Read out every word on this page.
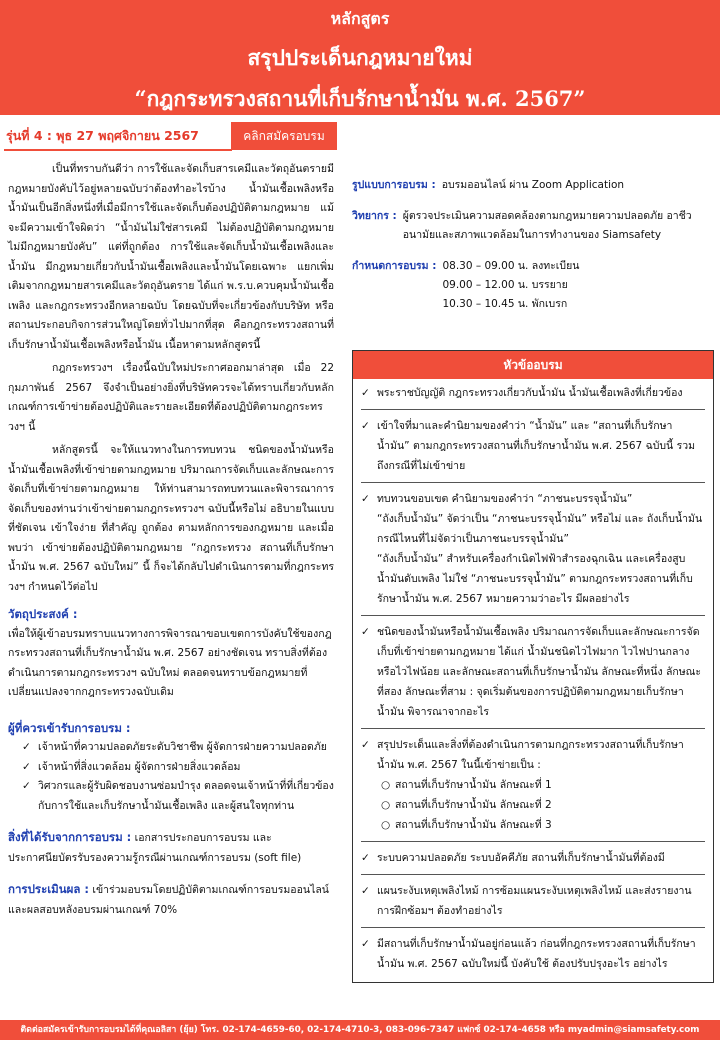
หลักสูตร
สรุปประเด็นกฎหมายใหม่
“กฎกระทรวงสถานที่เก็บรักษาน้ำมัน พ.ศ. 2567”
รุ่นที่ 4 : พุธ 27 พฤศจิกายน 2567	คลิกสมัครอบรม

เป็นที่ทราบกันดีว่า การใช้และจัดเก็บสารเคมีและวัตถุอันตรายมีกฎหมายบังคับไว้อยู่หลายฉบับว่าต้องทำอะไรบ้าง น้ำมันเชื้อเพลิงหรือน้ำมันเป็นอีกสิ่งหนึ่งที่เมื่อมีการใช้และจัดเก็บต้องปฏิบัติตามกฎหมาย แม้จะมีความเข้าใจผิดว่า “น้ำมันไม่ใช่สารเคมี ไม่ต้องปฏิบัติตามกฎหมายไม่มีกฎหมายบังคับ” แต่ที่ถูกต้อง การใช้และจัดเก็บน้ำมันเชื้อเพลิงและน้ำมัน มีกฎหมายเกี่ยวกับน้ำมันเชื้อเพลิงและน้ำมันโดยเฉพาะ แยกเพิ่มเติมจากกฎหมายสารเคมีและวัตถุอันตราย ได้แก่ พ.ร.บ.ควบคุมน้ำมันเชื้อเพลิง และกฎกระทรวงอีกหลายฉบับ โดยฉบับที่จะเกี่ยวข้องกับบริษัท หรือสถานประกอบกิจการส่วนใหญ่โดยทั่วไปมากที่สุด คือกฎกระทรวงสถานที่เก็บรักษาน้ำมันเชื้อเพลิงหรือน้ำมัน เนื้อหาตามหลักสูตรนี้

กฎกระทรวงฯ เรื่องนี้ฉบับใหม่ประกาศออกมาล่าสุด เมื่อ 22 กุมภาพันธ์ 2567 จึงจำเป็นอย่างยิ่งที่บริษัทควรจะได้ทราบเกี่ยวกับหลักเกณฑ์การเข้าข่ายต้องปฏิบัติและรายละเอียดที่ต้องปฏิบัติตามกฎกระทรวงฯ นี้

หลักสูตรนี้ จะให้แนวทางในการทบทวน ชนิดของน้ำมันหรือน้ำมันเชื้อเพลิงที่เข้าข่ายตามกฎหมาย ปริมาณการจัดเก็บและลักษณะการจัดเก็บที่เข้าข่ายตามกฎหมาย ให้ท่านสามารถทบทวนและพิจารณาการจัดเก็บของท่านว่าเข้าข่ายตามกฎกระทรวงฯ ฉบับนี้หรือไม่ อธิบายในแบบที่ชัดเจน เข้าใจง่าย ที่สำคัญ ถูกต้อง ตามหลักการของกฎหมาย และเมื่อพบว่า เข้าข่ายต้องปฏิบัติตามกฎหมาย “กฎกระทรวง สถานที่เก็บรักษาน้ำมัน พ.ศ. 2567 ฉบับใหม่” นี้ ก็จะได้กลับไปดำเนินการตามที่กฎกระทรวงฯ กำหนดไว้ต่อไป

วัตถุประสงค์ :
เพื่อให้ผู้เข้าอบรมทราบแนวทางการพิจารณาขอบเขตการบังคับใช้ของกฎกระทรวงสถานที่เก็บรักษาน้ำมัน พ.ศ. 2567 อย่างชัดเจน ทราบสิ่งที่ต้องดำเนินการตามกฎกระทรวงฯ ฉบับใหม่ ตลอดจนทราบข้อกฎหมายที่เปลี่ยนแปลงจากกฎกระทรวงฉบับเดิม
ผู้ที่ควรเข้ารับการอบรม :
✓ เจ้าหน้าที่ความปลอดภัยระดับวิชาชีพ ผู้จัดการฝ่ายความปลอดภัย
✓ เจ้าหน้าที่สิ่งแวดล้อม ผู้จัดการฝ่ายสิ่งแวดล้อม
✓ วิศวกรและผู้รับผิดชอบงานซ่อมบำรุง ตลอดจนเจ้าหน้าที่ที่เกี่ยวข้องกับการใช้และเก็บรักษาน้ำมันเชื้อเพลิง และผู้สนใจทุกท่าน
สิ่งที่ได้รับจากการอบรม : เอกสารประกอบการอบรม และประกาศนียบัตรรับรองความรู้กรณีผ่านเกณฑ์การอบรม (soft file)
การประเมินผล : เข้าร่วมอบรมโดยปฏิบัติตามเกณฑ์การอบรมออนไลน์และผลสอบหลังอบรมผ่านเกณฑ์ 70%
รูปแบบการอบรม : อบรมออนไลน์ ผ่าน Zoom Application
วิทยากร : ผู้ตรวจประเมินความสอดคล้องตามกฎหมายความปลอดภัย อาชีวอนามัยและสภาพแวดล้อมในการทำงานของ Siamsafety
กำหนดการอบรม : 08.30 – 09.00 น. ลงทะเบียน
09.00 – 12.00 น. บรรยาย
10.30 – 10.45 น. พักเบรก
หัวข้ออบรม
✓ พระราชบัญญัติ กฎกระทรวงเกี่ยวกับน้ำมัน น้ำมันเชื้อเพลิงที่เกี่ยวข้อง
✓ เข้าใจที่มาและคำนิยามของคำว่า “น้ำมัน” และ “สถานที่เก็บรักษาน้ำมัน” ตามกฎกระทรวงสถานที่เก็บรักษาน้ำมัน พ.ศ. 2567 ฉบับนี้ รวมถึงกรณีที่ไม่เข้าข่าย
✓ ทบทวนขอบเขต คำนิยามของคำว่า “ภาชนะบรรจุน้ำมัน”
“ถังเก็บน้ำมัน” จัดว่าเป็น “ภาชนะบรรจุน้ำมัน” หรือไม่ และ ถังเก็บน้ำมัน กรณีไหนที่ไม่จัดว่าเป็นภาชนะบรรจุน้ำมัน”
“ถังเก็บน้ำมัน” สำหรับเครื่องกำเนิดไฟฟ้าสำรองฉุกเฉิน และเครื่องสูบน้ำมันดับเพลิง ไม่ใช่ “ภาชนะบรรจุน้ำมัน” ตามกฎกระทรวงสถานที่เก็บรักษาน้ำมัน พ.ศ. 2567 หมายความว่าอะไร มีผลอย่างไร
✓ ชนิดของน้ำมันหรือน้ำมันเชื้อเพลิง ปริมาณการจัดเก็บและลักษณะการจัดเก็บที่เข้าข่ายตามกฎหมาย ได้แก่ น้ำมันชนิดไวไฟมาก ไวไฟปานกลาง หรือไวไฟน้อย และลักษณะสถานที่เก็บรักษาน้ำมัน ลักษณะที่หนึ่ง ลักษณะที่สอง ลักษณะที่สาม : จุดเริ่มต้นของการปฏิบัติตามกฎหมายเก็บรักษาน้ำมัน พิจารณาจากอะไร
✓ สรุปประเด็นและสิ่งที่ต้องดำเนินการตามกฎกระทรวงสถานที่เก็บรักษาน้ำมัน พ.ศ. 2567 ในนี้เข้าข่ายเป็น :
○ สถานที่เก็บรักษาน้ำมัน ลักษณะที่ 1
○ สถานที่เก็บรักษาน้ำมัน ลักษณะที่ 2
○ สถานที่เก็บรักษาน้ำมัน ลักษณะที่ 3
✓ ระบบความปลอดภัย ระบบอัคคีภัย สถานที่เก็บรักษาน้ำมันที่ต้องมี
✓ แผนระงับเหตุเพลิงไหม้ การซ้อมแผนระงับเหตุเพลิงไหม้ และส่งรายงานการฝึกซ้อมฯ ต้องทำอย่างไร
✓ มีสถานที่เก็บรักษาน้ำมันอยู่ก่อนแล้ว ก่อนที่กฎกระทรวงสถานที่เก็บรักษาน้ำมัน พ.ศ. 2567 ฉบับใหม่นี้ บังคับใช้ ต้องปรับปรุงอะไร อย่างไร
ติดต่อสมัครเข้ารับการอบรมได้ที่คุณอลิสา (ยุ้ย) โทร. 02-174-4659-60, 02-174-4710-3, 083-096-7347 แฟกซ์ 02-174-4658 หรือ myadmin@siamsafety.com
